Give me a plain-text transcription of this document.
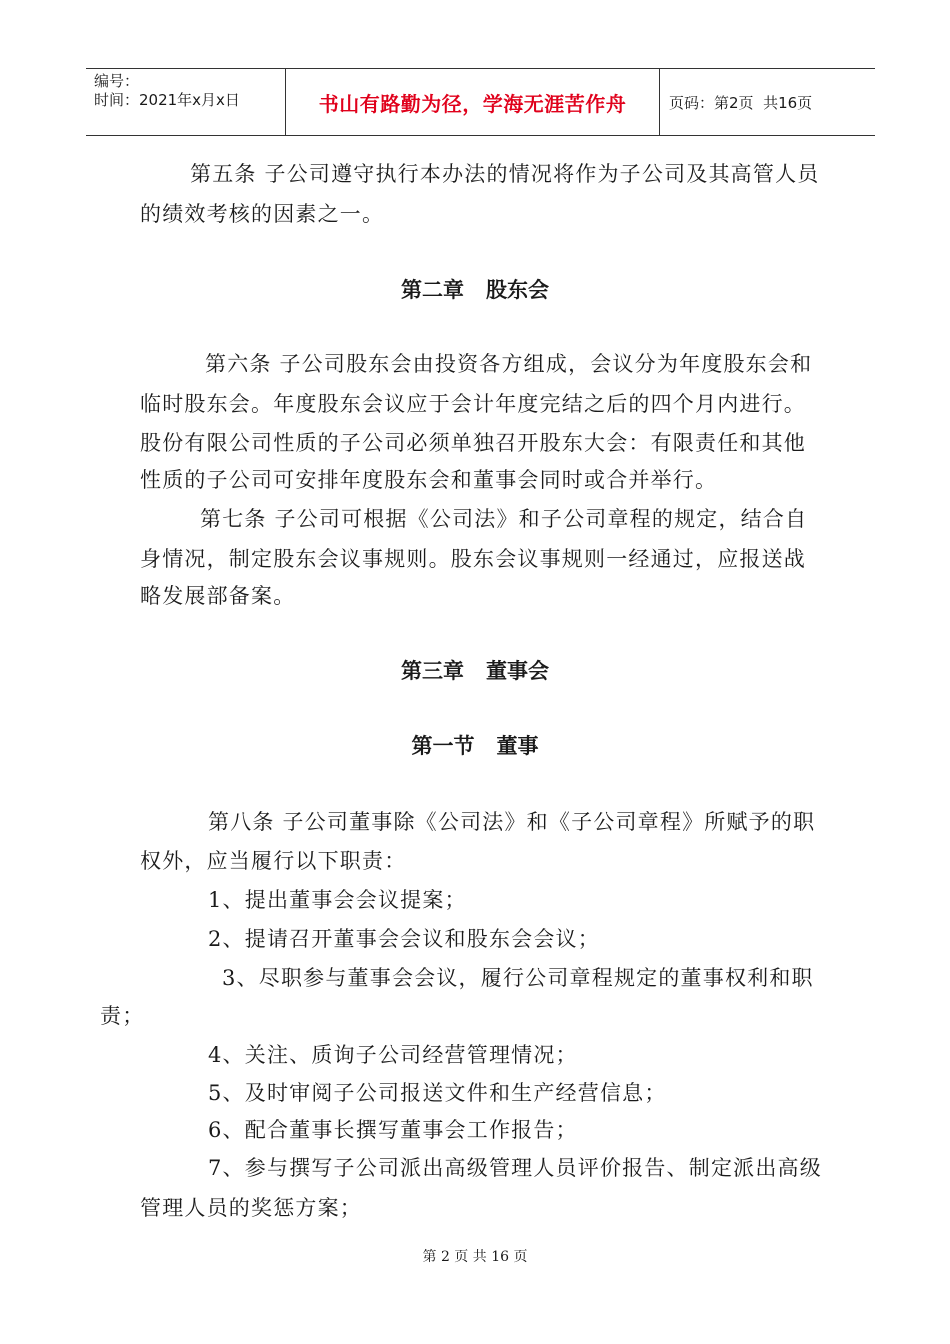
编号：
时间：2021年x月x日	书山有路勤为径，学海无涯苦作舟	页码：第2页  共16页
第五条 子公司遵守执行本办法的情况将作为子公司及其高管人员
的绩效考核的因素之一。
第二章   股东会
第六条 子公司股东会由投资各方组成，会议分为年度股东会和
临时股东会。年度股东会议应于会计年度完结之后的四个月内进行。
股份有限公司性质的子公司必须单独召开股东大会：有限责任和其他
性质的子公司可安排年度股东会和董事会同时或合并举行。
第七条 子公司可根据《公司法》和子公司章程的规定，结合自
身情况，制定股东会议事规则。股东会议事规则一经通过，应报送战
略发展部备案。
第三章   董事会
第一节   董事
第八条 子公司董事除《公司法》和《子公司章程》所赋予的职
权外，应当履行以下职责：
1、提出董事会会议提案；
2、提请召开董事会会议和股东会会议；
3、尽职参与董事会会议，履行公司章程规定的董事权利和职
责；
4、关注、质询子公司经营管理情况；
5、及时审阅子公司报送文件和生产经营信息；
6、配合董事长撰写董事会工作报告；
7、参与撰写子公司派出高级管理人员评价报告、制定派出高级
管理人员的奖惩方案；
第 2 页 共 16 页
